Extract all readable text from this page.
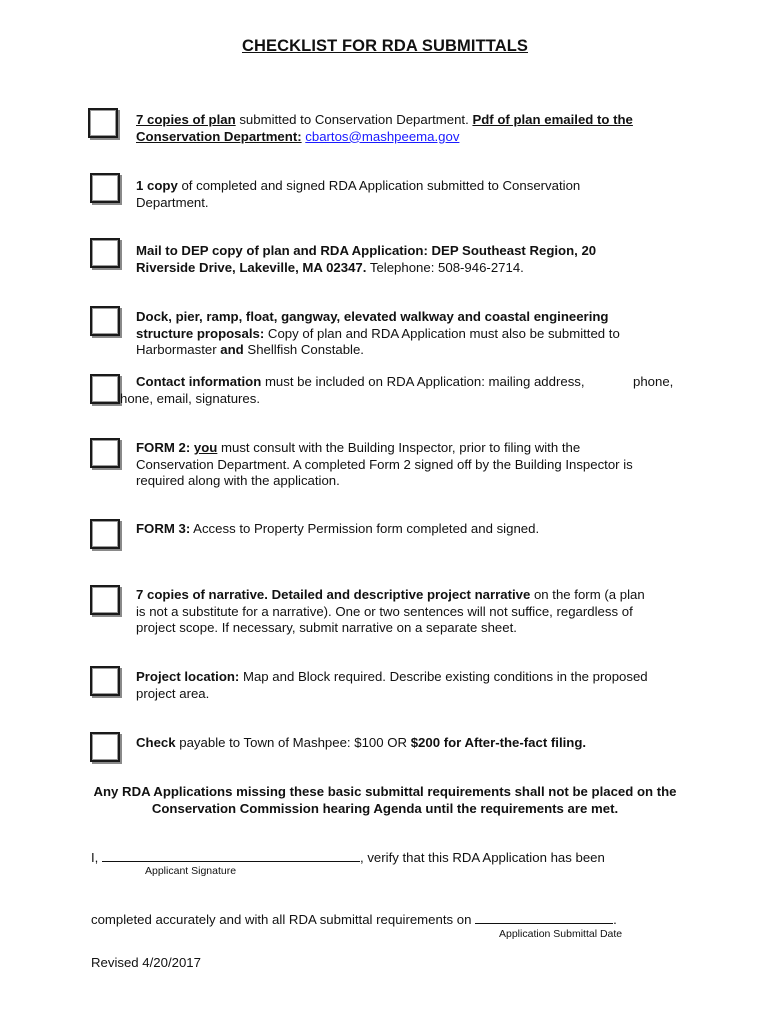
CHECKLIST FOR RDA SUBMITTALS
7 copies of plan submitted to Conservation Department. Pdf of plan emailed to the Conservation Department: cbartos@mashpeema.gov
1 copy of completed and signed RDA Application submitted to Conservation Department.
Mail to DEP copy of plan and RDA Application: DEP Southeast Region, 20 Riverside Drive, Lakeville, MA 02347. Telephone: 508-946-2714.
Dock, pier, ramp, float, gangway, elevated walkway and coastal engineering structure proposals: Copy of plan and RDA Application must also be submitted to Harbormaster and Shellfish Constable.
Contact information must be included on RDA Application: mailing address,	phone,
hone, email, signatures.
FORM 2: you must consult with the Building Inspector, prior to filing with the Conservation Department. A completed Form 2 signed off by the Building Inspector is required along with the application.
FORM 3: Access to Property Permission form completed and signed.
7 copies of narrative. Detailed and descriptive project narrative on the form (a plan is not a substitute for a narrative). One or two sentences will not suffice, regardless of project scope. If necessary, submit narrative on a separate sheet.
Project location: Map and Block required. Describe existing conditions in the proposed project area.
Check payable to Town of Mashpee: $100 OR $200 for After-the-fact filing.
Any RDA Applications missing these basic submittal requirements shall not be placed on the Conservation Commission hearing Agenda until the requirements are met.
I,	, verify that this RDA Application has been
Applicant Signature
completed accurately and with all RDA submittal requirements on	.
Application Submittal Date
Revised 4/20/2017
